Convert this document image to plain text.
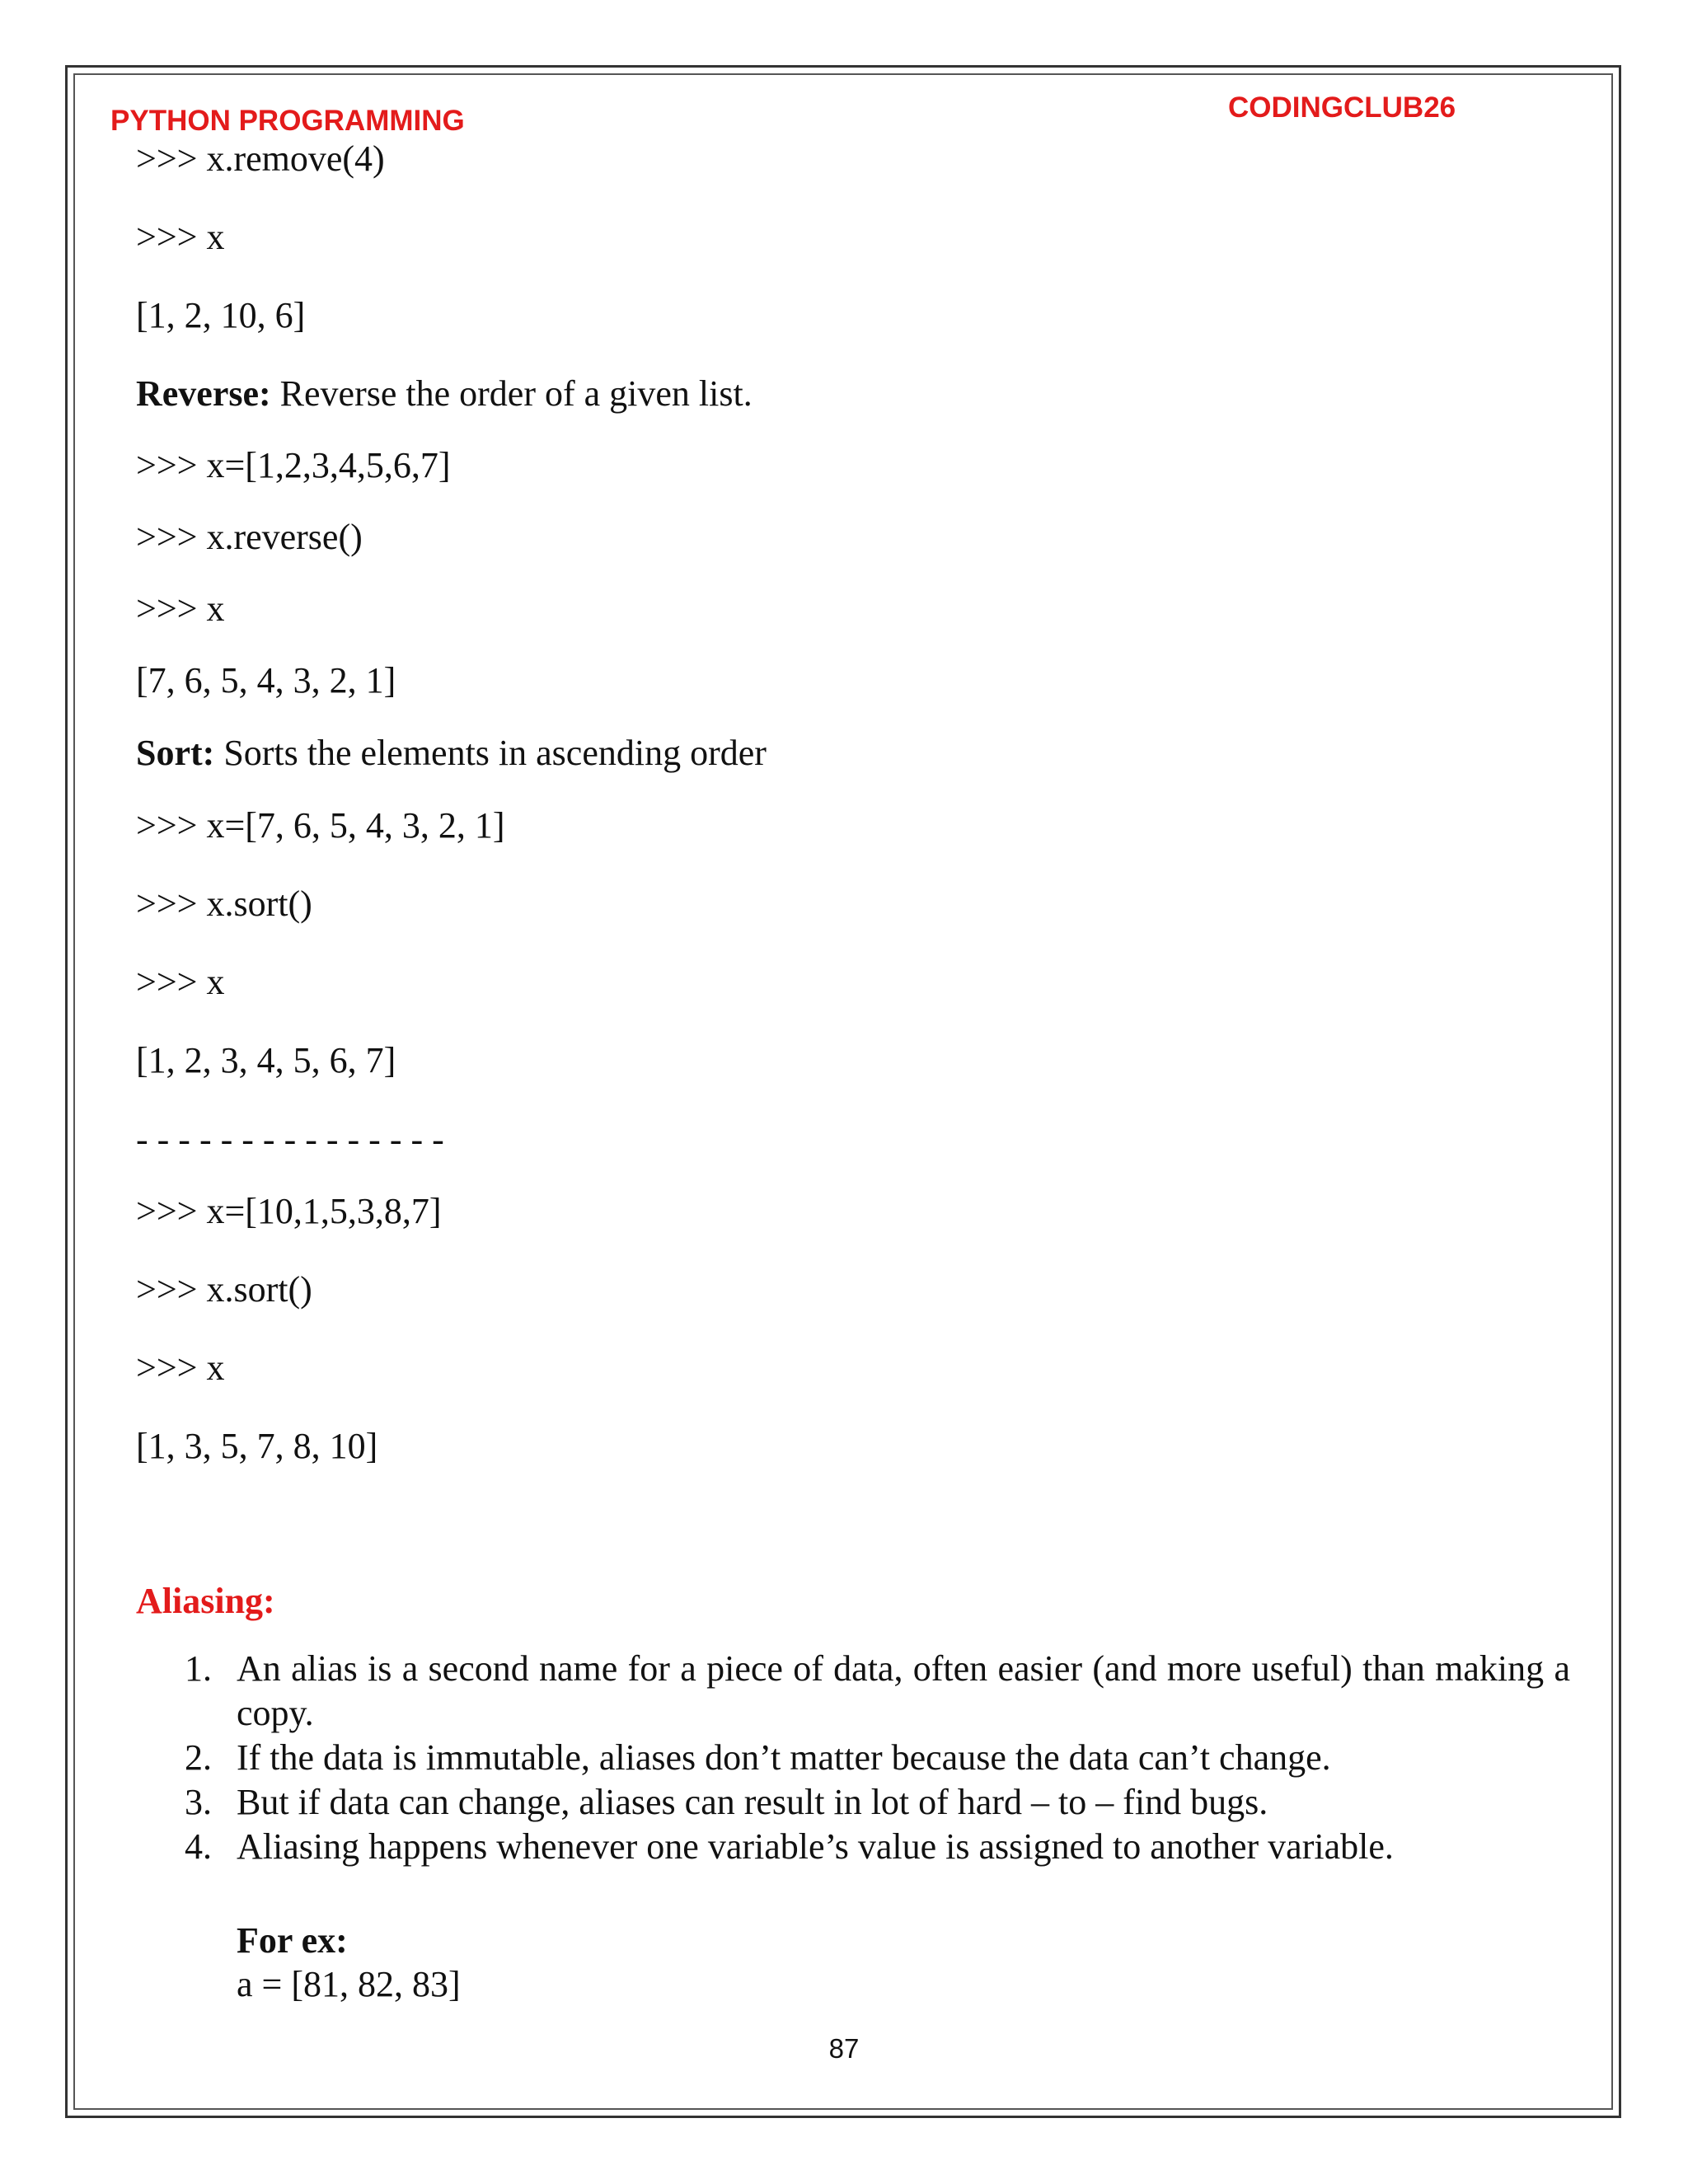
PYTHON PROGRAMMING	CODINGCLUB26
>>> x.remove(4)
>>> x
[1, 2, 10, 6]
Reverse: Reverse the order of a given list.
>>> x=[1,2,3,4,5,6,7]
>>> x.reverse()
>>> x
[7, 6, 5, 4, 3, 2, 1]
Sort: Sorts the elements in ascending order
>>> x=[7, 6, 5, 4, 3, 2, 1]
>>> x.sort()
>>> x
[1, 2, 3, 4, 5, 6, 7]
- - - - - - - - - - - - - - -
>>> x=[10,1,5,3,8,7]
>>> x.sort()
>>> x
[1, 3, 5, 7, 8, 10]
Aliasing:
1. An alias is a second name for a piece of data, often easier (and more useful) than making a copy.
2. If the data is immutable, aliases don’t matter because the data can’t change.
3. But if data can change, aliases can result in lot of hard – to – find bugs.
4. Aliasing happens whenever one variable’s value is assigned to another variable.
For ex:
a = [81, 82, 83]
87
